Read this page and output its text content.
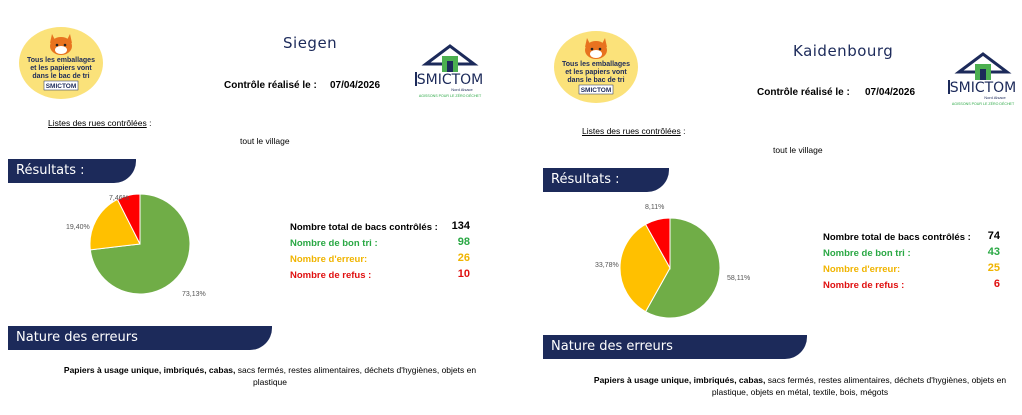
Tous les emballages
et les papiers vont
dans le bac de tri
SMICTOM
Siegen
Contrôle réalisé le : 07/04/2026	SMICTOM
Nord Alsace
AGISSONS POUR LE ZÉRO DÉCHET
Listes des rues contrôlées :
tout le village
Résultats :
73,13%
19,40%
7,46%
Nombre total de bacs contrôlés :	134
Nombre de bon tri :	98
Nombre d'erreur:	26
Nombre de refus :	10
Nature des erreurs
Papiers à usage unique, imbriqués, cabas, sacs fermés, restes alimentaires, déchets d'hygiènes, objets en plastique
Tous les emballages
et les papiers vont
dans le bac de tri
SMICTOM
Kaidenbourg
Contrôle réalisé le : 07/04/2026 SMICTOM
Nord Alsace
AGISSONS POUR LE ZÉRO DÉCHET
Listes des rues contrôlées :
tout le village
Résultats :
58,11%
33,78%
8,11%
Nombre total de bacs contrôlés :	74
Nombre de bon tri :	43
Nombre d'erreur:	25
Nombre de refus :	6
Nature des erreurs
Papiers à usage unique, imbriqués, cabas, sacs fermés, restes alimentaires, déchets d'hygiènes, objets en plastique, objets en métal, textile, bois, mégots
